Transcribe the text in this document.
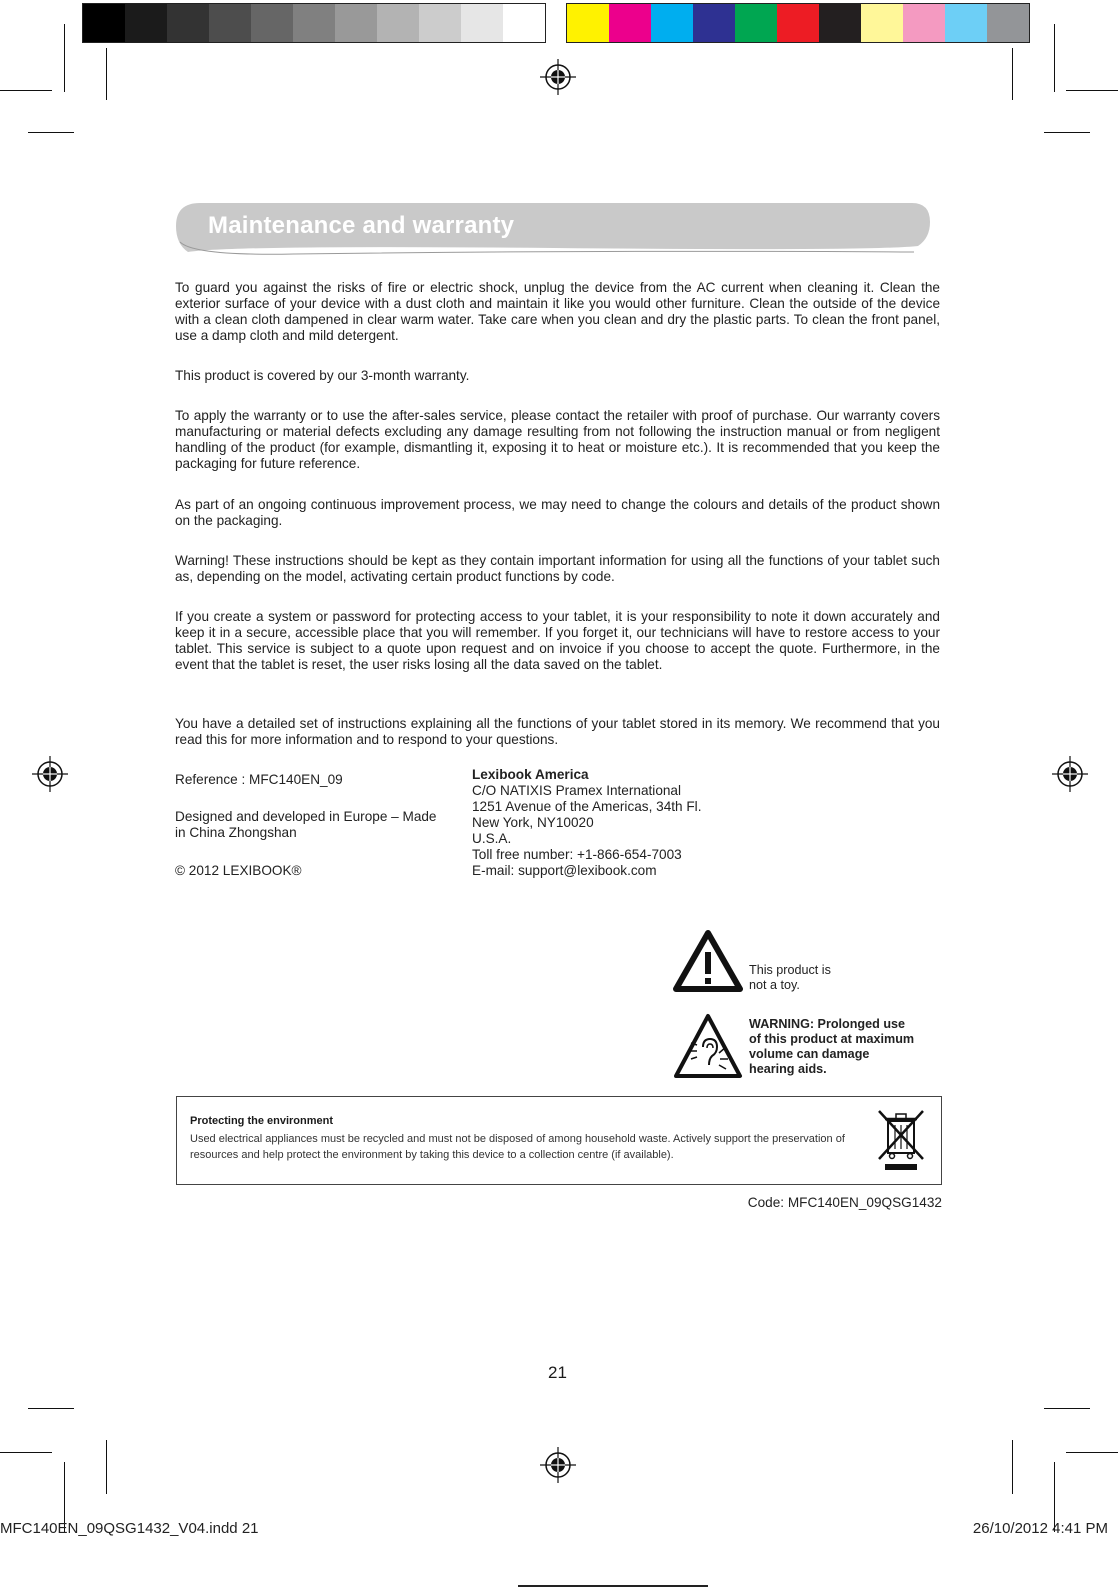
Maintenance and warranty

To guard you against the risks of fire or electric shock, unplug the device from the AC current when cleaning it. Clean the exterior surface of your device with a dust cloth and maintain it like you would other furniture. Clean the outside of the device with a clean cloth dampened in clear warm water. Take care when you clean and dry the plastic parts. To clean the front panel, use a damp cloth and mild detergent.

This product is covered by our 3-month warranty.

To apply the warranty or to use the after-sales service, please contact the retailer with proof of purchase. Our warranty covers manufacturing or material defects excluding any damage resulting from not following the instruction manual or from negligent handling of the product (for example, dismantling it, exposing it to heat or moisture etc.). It is recommended that you keep the packaging for future reference.

As part of an ongoing continuous improvement process, we may need to change the colours and details of the product shown on the packaging.

Warning! These instructions should be kept as they contain important information for using all the functions of your tablet such as, depending on the model, activating certain product functions by code.

If you create a system or password for protecting access to your tablet, it is your responsibility to note it down accurately and keep it in a secure, accessible place that you will remember. If you forget it, our technicians will have to restore access to your tablet. This service is subject to a quote upon request and on invoice if you choose to accept the quote. Furthermore, in the event that the tablet is reset, the user risks losing all the data saved on the tablet.

You have a detailed set of instructions explaining all the functions of your tablet stored in its memory. We recommend that you read this for more information and to respond to your questions.

Reference : MFC140EN_09

Designed and developed in Europe – Made in China Zhongshan

© 2012 LEXIBOOK®

Lexibook America
C/O NATIXIS Pramex International
1251 Avenue of the Americas, 34th Fl.
New York, NY10020
U.S.A.
Toll free number: +1-866-654-7003
E-mail: support@lexibook.com
This product is
not a toy.
WARNING: Prolonged use
of this product at maximum
volume can damage
hearing aids.

Protecting the environment

Used electrical appliances must be recycled and must not be disposed of among household waste. Actively support the preservation of resources and help protect the environment by taking this device to a collection centre (if available).

Code: MFC140EN_09QSG1432

21

MFC140EN_09QSG1432_V04.indd 21	26/10/2012 4:41 PM
